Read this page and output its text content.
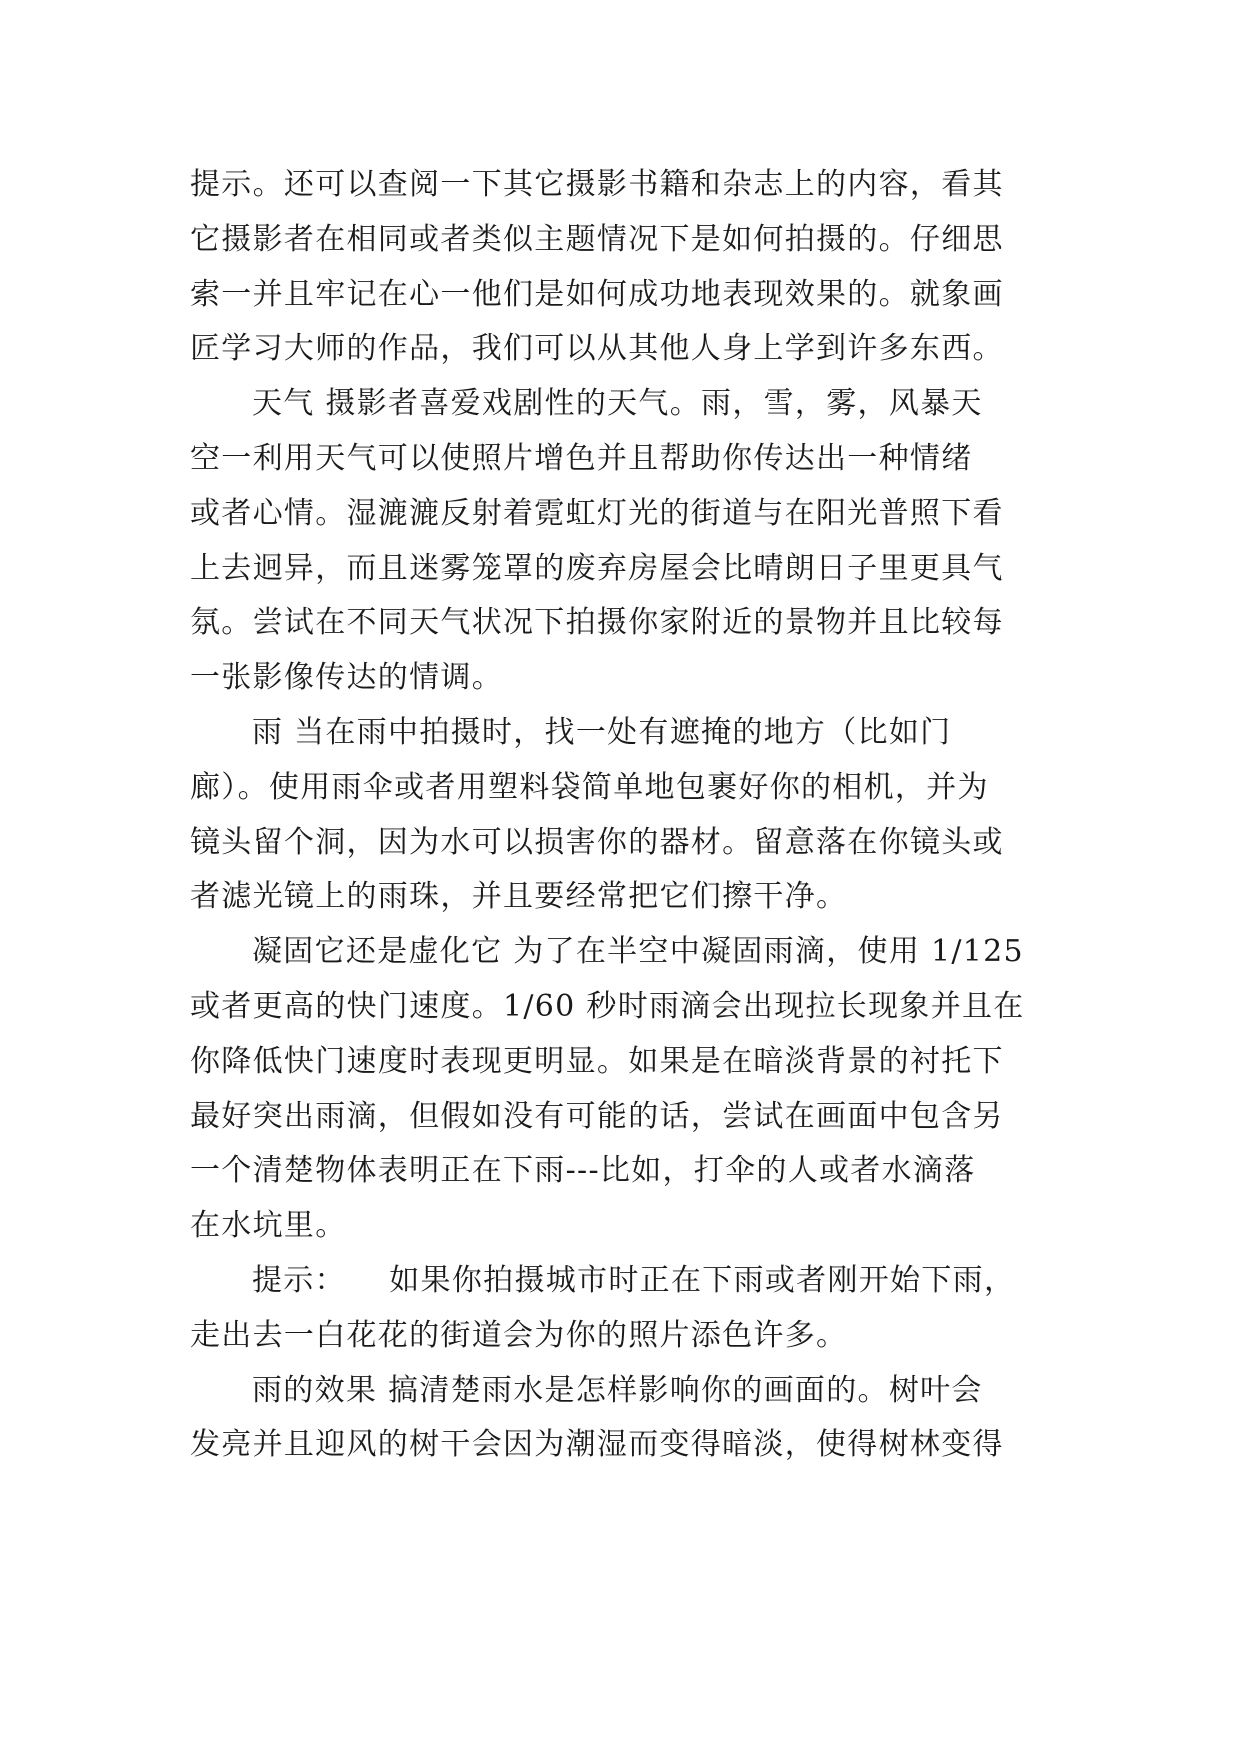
提示。还可以查阅一下其它摄影书籍和杂志上的内容，看其
它摄影者在相同或者类似主题情况下是如何拍摄的。仔细思
索一并且牢记在心一他们是如何成功地表现效果的。就象画
匠学习大师的作品，我们可以从其他人身上学到许多东西。
天气 摄影者喜爱戏剧性的天气。雨，雪，雾，风暴天
空一利用天气可以使照片增色并且帮助你传达出一种情绪
或者心情。湿漉漉反射着霓虹灯光的街道与在阳光普照下看
上去迥异，而且迷雾笼罩的废弃房屋会比晴朗日子里更具气
氛。尝试在不同天气状况下拍摄你家附近的景物并且比较每
一张影像传达的情调。
雨 当在雨中拍摄时，找一处有遮掩的地方（比如门
廊）。使用雨伞或者用塑料袋简单地包裹好你的相机，并为
镜头留个洞，因为水可以损害你的器材。留意落在你镜头或
者滤光镜上的雨珠，并且要经常把它们擦干净。
凝固它还是虚化它 为了在半空中凝固雨滴，使用 1/125
或者更高的快门速度。1/60 秒时雨滴会出现拉长现象并且在
你降低快门速度时表现更明显。如果是在暗淡背景的衬托下
最好突出雨滴，但假如没有可能的话，尝试在画面中包含另
一个清楚物体表明正在下雨---比如，打伞的人或者水滴落
在水坑里。
提示：    如果你拍摄城市时正在下雨或者刚开始下雨，
走出去一白花花的街道会为你的照片添色许多。
雨的效果 搞清楚雨水是怎样影响你的画面的。树叶会
发亮并且迎风的树干会因为潮湿而变得暗淡，使得树林变得
